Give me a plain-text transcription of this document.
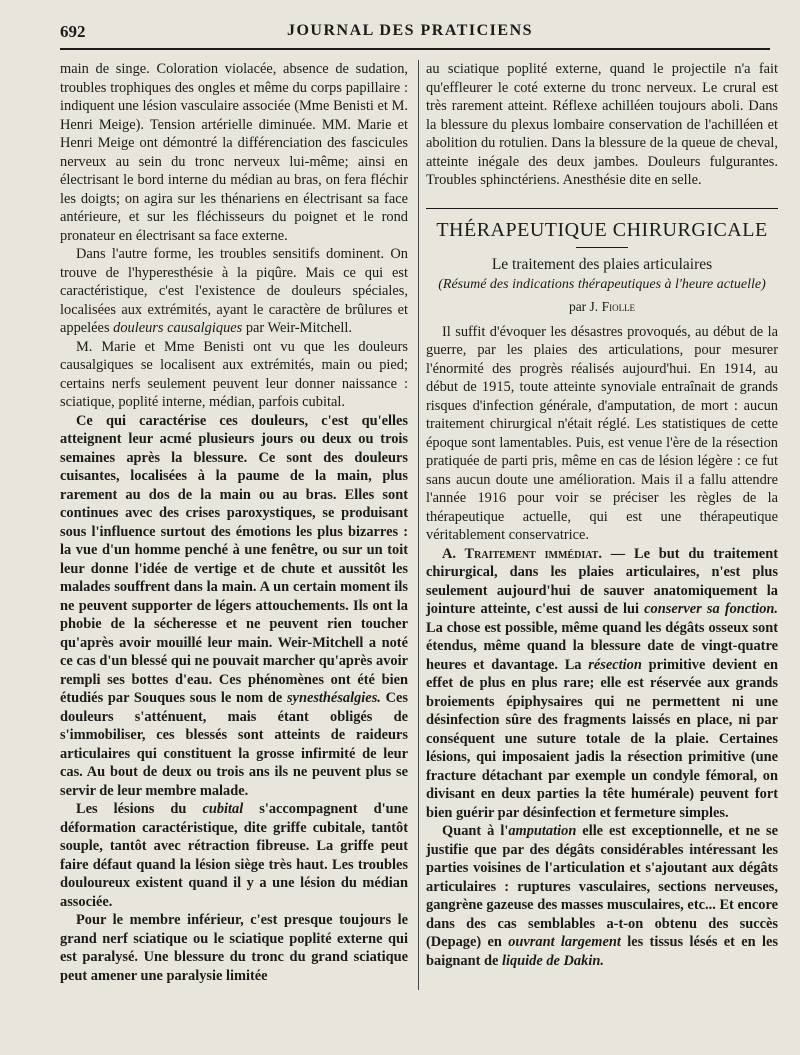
692	JOURNAL DES PRATICIENS

main de singe. Coloration violacée, absence de sudation, troubles trophiques des ongles et même du corps papillaire : indiquent une lésion vasculaire associée (Mme Benisti et M. Henri Meige). Tension artérielle diminuée. MM. Marie et Henri Meige ont démontré la différenciation des fascicules nerveux au sein du tronc nerveux lui-même; ainsi en électrisant le bord interne du médian au bras, on fera fléchir les doigts; on agira sur les thénariens en électrisant sa face antérieure, et sur les fléchisseurs du poignet et le rond pronateur en électrisant sa face externe.

Dans l'autre forme, les troubles sensitifs dominent. On trouve de l'hyperesthésie à la piqûre. Mais ce qui est caractéristique, c'est l'existence de douleurs spéciales, localisées aux extrémités, ayant le caractère de brûlures et appelées douleurs causalgiques par Weir-Mitchell.

M. Marie et Mme Benisti ont vu que les douleurs causalgiques se localisent aux extrémités, main ou pied; certains nerfs seulement peuvent leur donner naissance : sciatique, poplité interne, médian, parfois cubital.

Ce qui caractérise ces douleurs, c'est qu'elles atteignent leur acmé plusieurs jours ou deux ou trois semaines après la blessure. Ce sont des douleurs cuisantes, localisées à la paume de la main, plus rarement au dos de la main ou au bras. Elles sont continues avec des crises paroxystiques, se produisant sous l'influence surtout des émotions les plus bizarres : la vue d'un homme penché à une fenêtre, ou sur un toit leur donne l'idée de vertige et de chute et aussitôt les malades souffrent dans la main. A un certain moment ils ne peuvent supporter de légers attouchements. Ils ont la phobie de la sécheresse et ne peuvent rien toucher qu'après avoir mouillé leur main. Weir-Mitchell a noté ce cas d'un blessé qui ne pouvait marcher qu'après avoir rempli ses bottes d'eau. Ces phénomènes ont été bien étudiés par Souques sous le nom de synesthésalgies. Ces douleurs s'atténuent, mais étant obligés de s'immobiliser, ces blessés sont atteints de raideurs articulaires qui constituent la grosse infirmité de leur cas. Au bout de deux ou trois ans ils ne peuvent plus se servir de leur membre malade.

Les lésions du cubital s'accompagnent d'une déformation caractéristique, dite griffe cubitale, tantôt souple, tantôt avec rétraction fibreuse. La griffe peut faire défaut quand la lésion siège très haut. Les troubles douloureux existent quand il y a une lésion du médian associée.

Pour le membre inférieur, c'est presque toujours le grand nerf sciatique ou le sciatique poplité externe qui est paralysé. Une blessure du tronc du grand sciatique peut amener une paralysie limitée

au sciatique poplité externe, quand le projectile n'a fait qu'effleurer le coté externe du tronc nerveux. Le crural est très rarement atteint. Réflexe achilléen toujours aboli. Dans la blessure du plexus lombaire conservation de l'achilléen et abolition du rotulien. Dans la blessure de la queue de cheval, atteinte inégale des deux jambes. Douleurs fulgurantes. Troubles sphinctériens. Anesthésie dite en selle.

THÉRAPEUTIQUE CHIRURGICALE
Le traitement des plaies articulaires
(Résumé des indications thérapeutiques à l'heure actuelle)
par J. Fiolle

Il suffit d'évoquer les désastres provoqués, au début de la guerre, par les plaies des articulations, pour mesurer l'énormité des progrès réalisés aujourd'hui. En 1914, au début de 1915, toute atteinte synoviale entraînait de grands risques d'infection générale, d'amputation, de mort : aucun traitement chirurgical n'était réglé. Les statistiques de cette époque sont lamentables. Puis, est venue l'ère de la résection pratiquée de parti pris, même en cas de lésion légère : ce fut sans aucun doute une amélioration. Mais il a fallu attendre l'année 1916 pour voir se préciser les règles de la thérapeutique actuelle, qui est une thérapeutique véritablement conservatrice.

A. Traitement immédiat. — Le but du traitement chirurgical, dans les plaies articulaires, n'est plus seulement aujourd'hui de sauver anatomiquement la jointure atteinte, c'est aussi de lui conserver sa fonction. La chose est possible, même quand les dégâts osseux sont étendus, même quand la blessure date de vingt-quatre heures et davantage. La résection primitive devient en effet de plus en plus rare; elle est réservée aux grands broiements épiphysaires qui ne permettent ni une désinfection sûre des fragments laissés en place, ni par conséquent une suture totale de la plaie. Certaines lésions, qui imposaient jadis la résection primitive (une fracture détachant par exemple un condyle fémoral, on divisant en deux parties la tête humérale) peuvent fort bien guérir par désinfection et fermeture simples.

Quant à l'amputation elle est exceptionnelle, et ne se justifie que par des dégâts considérables intéressant les parties voisines de l'articulation et s'ajoutant aux dégâts articulaires : ruptures vasculaires, sections nerveuses, gangrène gazeuse des masses musculaires, etc... Et encore dans des cas semblables a-t-on obtenu des succès (Depage) en ouvrant largement les tissus lésés et en les baignant de liquide de Dakin.
